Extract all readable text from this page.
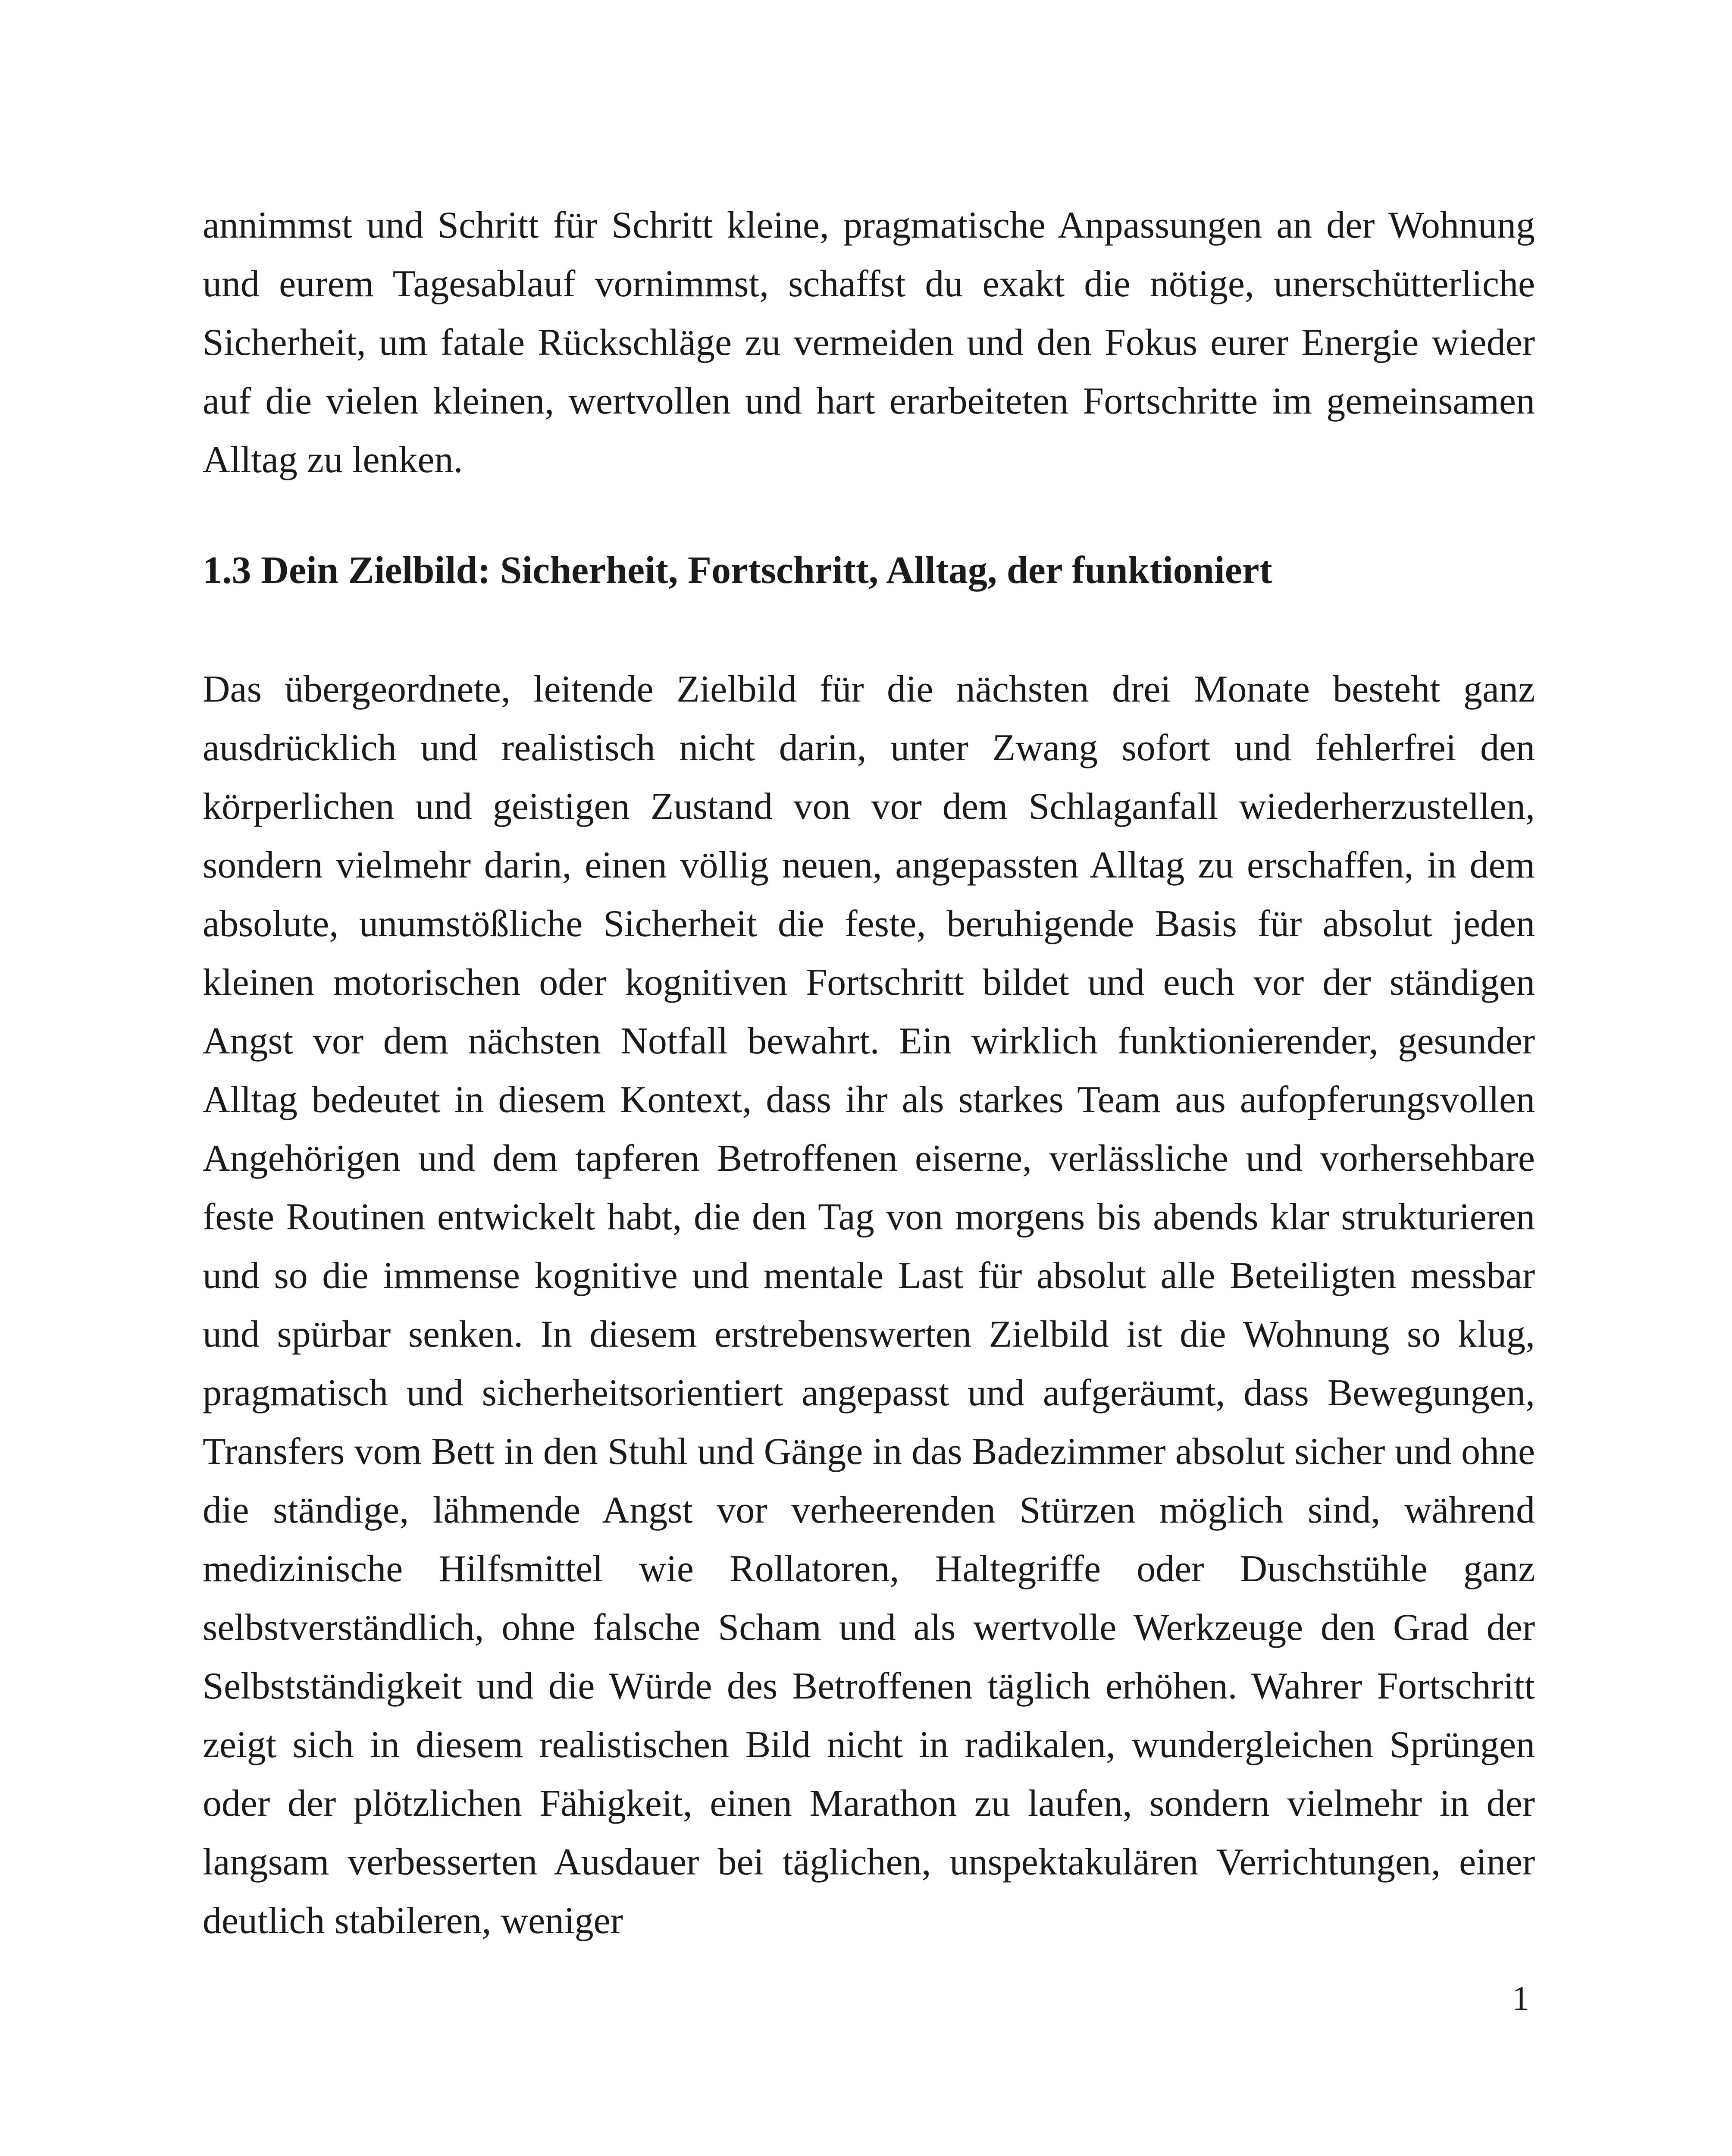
annimmst und Schritt für Schritt kleine, pragmatische Anpassungen an der Wohnung und eurem Tagesablauf vornimmst, schaffst du exakt die nötige, unerschütterliche Sicherheit, um fatale Rückschläge zu vermeiden und den Fokus eurer Energie wieder auf die vielen kleinen, wertvollen und hart erarbeiteten Fortschritte im gemeinsamen Alltag zu lenken.

1.3 Dein Zielbild: Sicherheit, Fortschritt, Alltag, der funktioniert

Das übergeordnete, leitende Zielbild für die nächsten drei Monate besteht ganz ausdrücklich und realistisch nicht darin, unter Zwang sofort und fehlerfrei den körperlichen und geistigen Zustand von vor dem Schlaganfall wiederherzustellen, sondern vielmehr darin, einen völlig neuen, angepassten Alltag zu erschaffen, in dem absolute, unumstößliche Sicherheit die feste, beruhigende Basis für absolut jeden kleinen motorischen oder kognitiven Fortschritt bildet und euch vor der ständigen Angst vor dem nächsten Notfall bewahrt. Ein wirklich funktionierender, gesunder Alltag bedeutet in diesem Kontext, dass ihr als starkes Team aus aufopferungsvollen Angehörigen und dem tapferen Betroffenen eiserne, verlässliche und vorhersehbare feste Routinen entwickelt habt, die den Tag von morgens bis abends klar strukturieren und so die immense kognitive und mentale Last für absolut alle Beteiligten messbar und spürbar senken. In diesem erstrebenswerten Zielbild ist die Wohnung so klug, pragmatisch und sicherheitsorientiert angepasst und aufgeräumt, dass Bewegungen, Transfers vom Bett in den Stuhl und Gänge in das Badezimmer absolut sicher und ohne die ständige, lähmende Angst vor verheerenden Stürzen möglich sind, während medizinische Hilfsmittel wie Rollatoren, Haltegriffe oder Duschstühle ganz selbstverständlich, ohne falsche Scham und als wertvolle Werkzeuge den Grad der Selbstständigkeit und die Würde des Betroffenen täglich erhöhen. Wahrer Fortschritt zeigt sich in diesem realistischen Bild nicht in radikalen, wundergleichen Sprüngen oder der plötzlichen Fähigkeit, einen Marathon zu laufen, sondern vielmehr in der langsam verbesserten Ausdauer bei täglichen, unspektakulären Verrichtungen, einer deutlich stabileren, weniger

1
